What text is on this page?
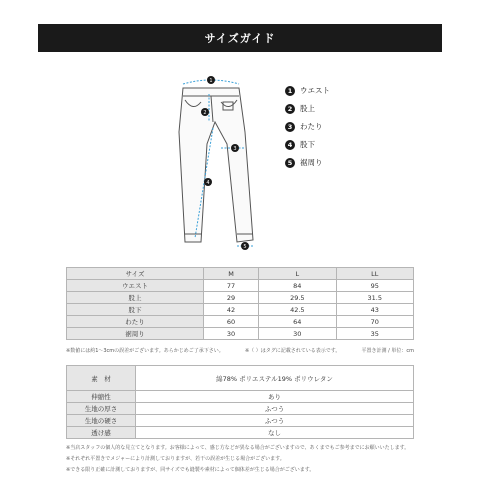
サイズガイド
1
2
3
4
5
1	ウエスト
2	股上
3	わたり
4	股下
5	裾周り
サイズ	M	L	LL
ウエスト	77	84	95
股上	29	29.5	31.5
股下	42	42.5	43
わたり	60	64	70
裾周り	30	30	35
※数値には約1〜3cmの誤差がございます。あらかじめご了承下さい。	※（ ）はタグに記載されている表示です。	平置き計測 / 単位：cm
素　材	綿78% ポリエステル19% ポリウレタン
伸縮性	あり
生地の厚さ	ふつう
生地の硬さ	ふつう
透け感	なし
※当店スタッフの個人的な見立てとなります。お客様によって、感じ方などが異なる場合がございますので、あくまでもご参考までにお願いいたします。
※それぞれ平置きでメジャーにより計測しておりますが、若干の誤差が生じる場合がございます。
※できる限り正確に計測しておりますが、同サイズでも縫製や素材によって個体差が生じる場合がございます。
